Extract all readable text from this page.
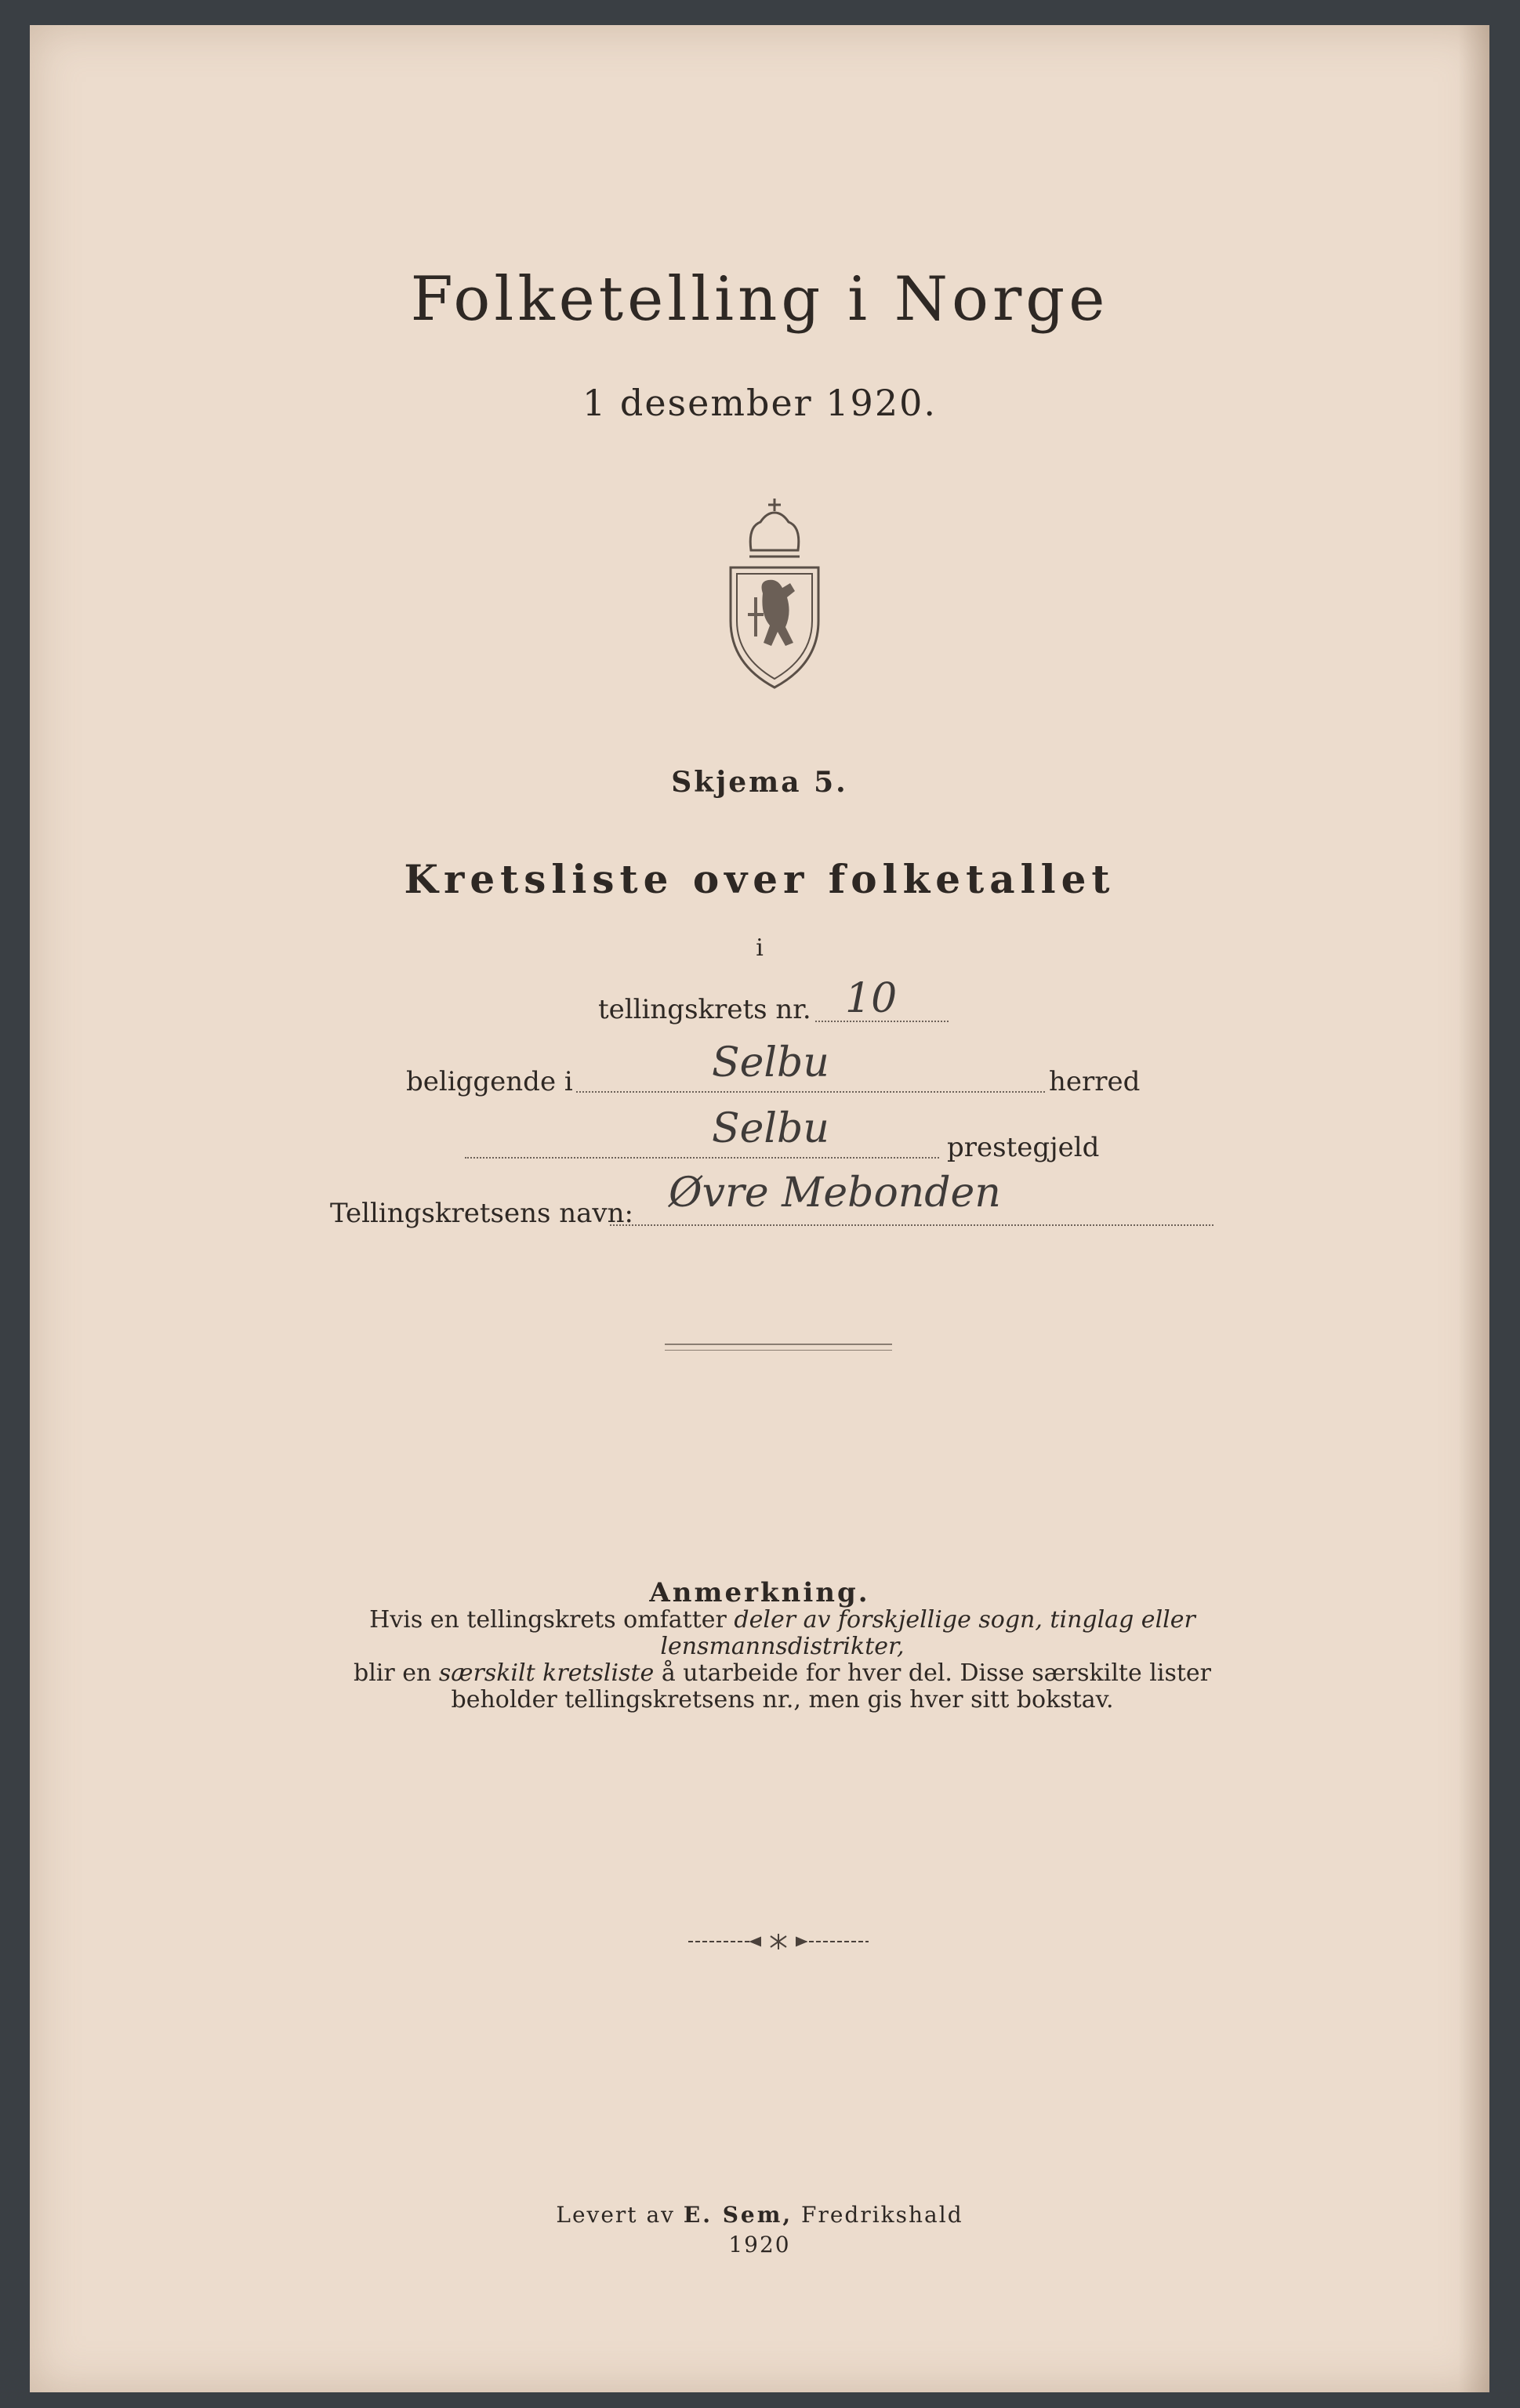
Folketelling i Norge
1 desember 1920.
Skjema 5.
Kretsliste over folketallet
i
tellingskrets nr. 10
beliggende i	Selbu	herred
Selbu	prestegjeld
Tellingskretsens navn: Øvre Mebonden
Anmerkning.

Hvis en tellingskrets omfatter deler av forskjellige sogn, tinglag eller lensmannsdistrikter,

blir en særskilt kretsliste å utarbeide for hver del. Disse særskilte lister

beholder tellingskretsens nr., men gis hver sitt bokstav.

Levert av E. Sem, Fredrikshald
1920
